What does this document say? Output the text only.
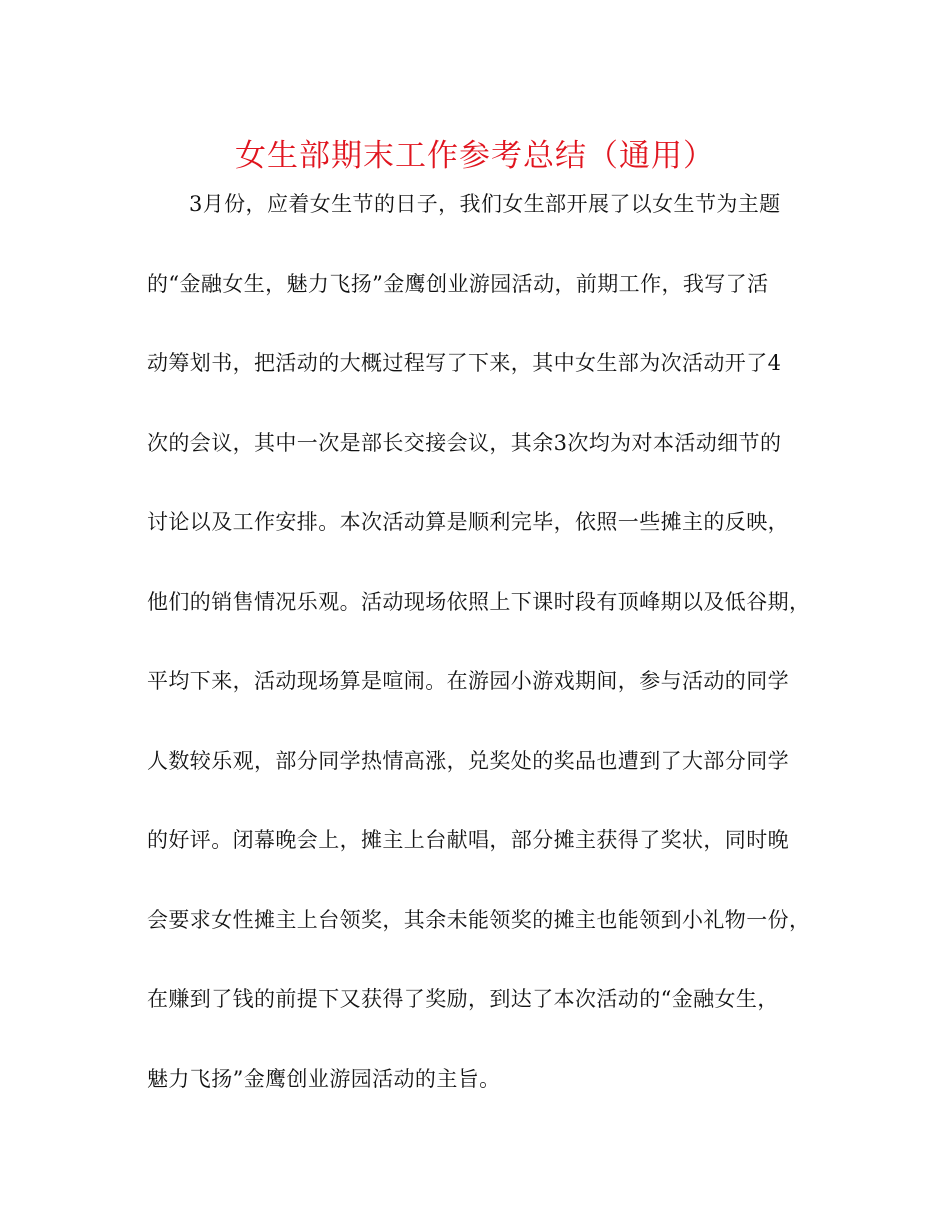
女生部期末工作参考总结（通用）
3月份，应着女生节的日子，我们女生部开展了以女生节为主题
的“金融女生，魅力飞扬”金鹰创业游园活动，前期工作，我写了活
动筹划书，把活动的大概过程写了下来，其中女生部为次活动开了4
次的会议，其中一次是部长交接会议，其余3次均为对本活动细节的
讨论以及工作安排。本次活动算是顺利完毕，依照一些摊主的反映，
他们的销售情况乐观。活动现场依照上下课时段有顶峰期以及低谷期，
平均下来，活动现场算是喧闹。在游园小游戏期间，参与活动的同学
人数较乐观，部分同学热情高涨，兑奖处的奖品也遭到了大部分同学
的好评。闭幕晚会上，摊主上台献唱，部分摊主获得了奖状，同时晚
会要求女性摊主上台领奖，其余未能领奖的摊主也能领到小礼物一份，
在赚到了钱的前提下又获得了奖励，到达了本次活动的“金融女生，
魅力飞扬”金鹰创业游园活动的主旨。
